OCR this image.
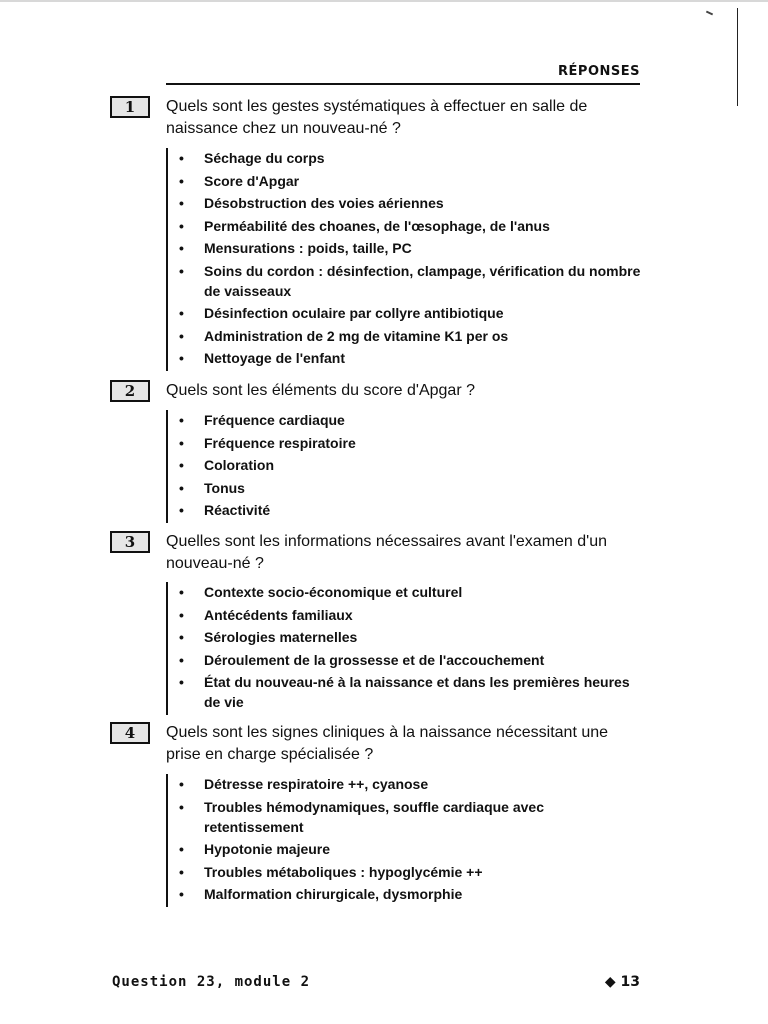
RÉPONSES
1	Quels sont les gestes systématiques à effectuer en salle de naissance chez un nouveau-né ?
• Séchage du corps
• Score d'Apgar
• Désobstruction des voies aériennes
• Perméabilité des choanes, de l'œsophage, de l'anus
• Mensurations : poids, taille, PC
• Soins du cordon : désinfection, clampage, vérification du nombre de vaisseaux
• Désinfection oculaire par collyre antibiotique
• Administration de 2 mg de vitamine K1 per os
• Nettoyage de l'enfant
2	Quels sont les éléments du score d'Apgar ?
• Fréquence cardiaque
• Fréquence respiratoire
• Coloration
• Tonus
• Réactivité
3	Quelles sont les informations nécessaires avant l'examen d'un nouveau-né ?
• Contexte socio-économique et culturel
• Antécédents familiaux
• Sérologies maternelles
• Déroulement de la grossesse et de l'accouchement
• État du nouveau-né à la naissance et dans les premières heures de vie
4	Quels sont les signes cliniques à la naissance nécessitant une prise en charge spécialisée ?
• Détresse respiratoire ++, cyanose
• Troubles hémodynamiques, souffle cardiaque avec retentissement
• Hypotonie majeure
• Troubles métaboliques : hypoglycémie ++
• Malformation chirurgicale, dysmorphie
Question 23, module 2	◆ 13
